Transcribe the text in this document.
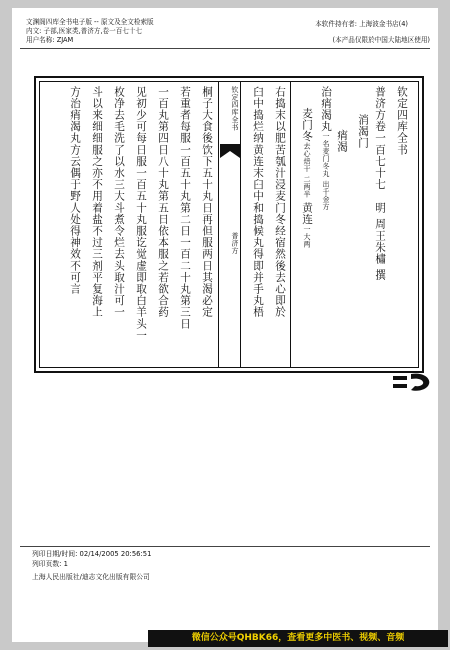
文渊阁四库全书电子版 -- 原文及全文检索版
内文: 子部,医家类,普济方,卷一百七十七
用户名称: ZJAM
本软件持有者: 上海波金书店(4)
(本产品仅限於中国大陆地区使用)
钦定四库全书
普济方卷一百七十七明 周王朱橚 撰
消渴门
　痟渴
治痟渴丸一名麦门冬丸 出千金方
　麦门冬去心焙干 二两半 黄连一大两
右捣末以肥苦瓠汁浸麦门冬经宿然後去心即於
臼中捣烂纳黄连末臼中和捣候丸得即并手丸梧
钦定四库全书
普济方
桐子大食後饮下五十丸日再但服两日其渴必定
若重者每服一百五十丸第二日一百二十丸第三日
一百丸第四日八十丸第五日依本服之若欲合药
见初少可每日服一百五十丸服讫觉虚即取白羊头一
枚净去毛洗了以水三大斗煮令烂去头取汁可一
斗以来细细服之亦不用着盐不过三剂平复海上
方治痟渴丸方云偶于野人处得神效不可言
列印日期/时间: 02/14/2005 20:56:51
列印页数: 1
上海人民出版社/迪志文化出版有限公司
微信公众号QHBK66，查看更多中医书、视频、音频
